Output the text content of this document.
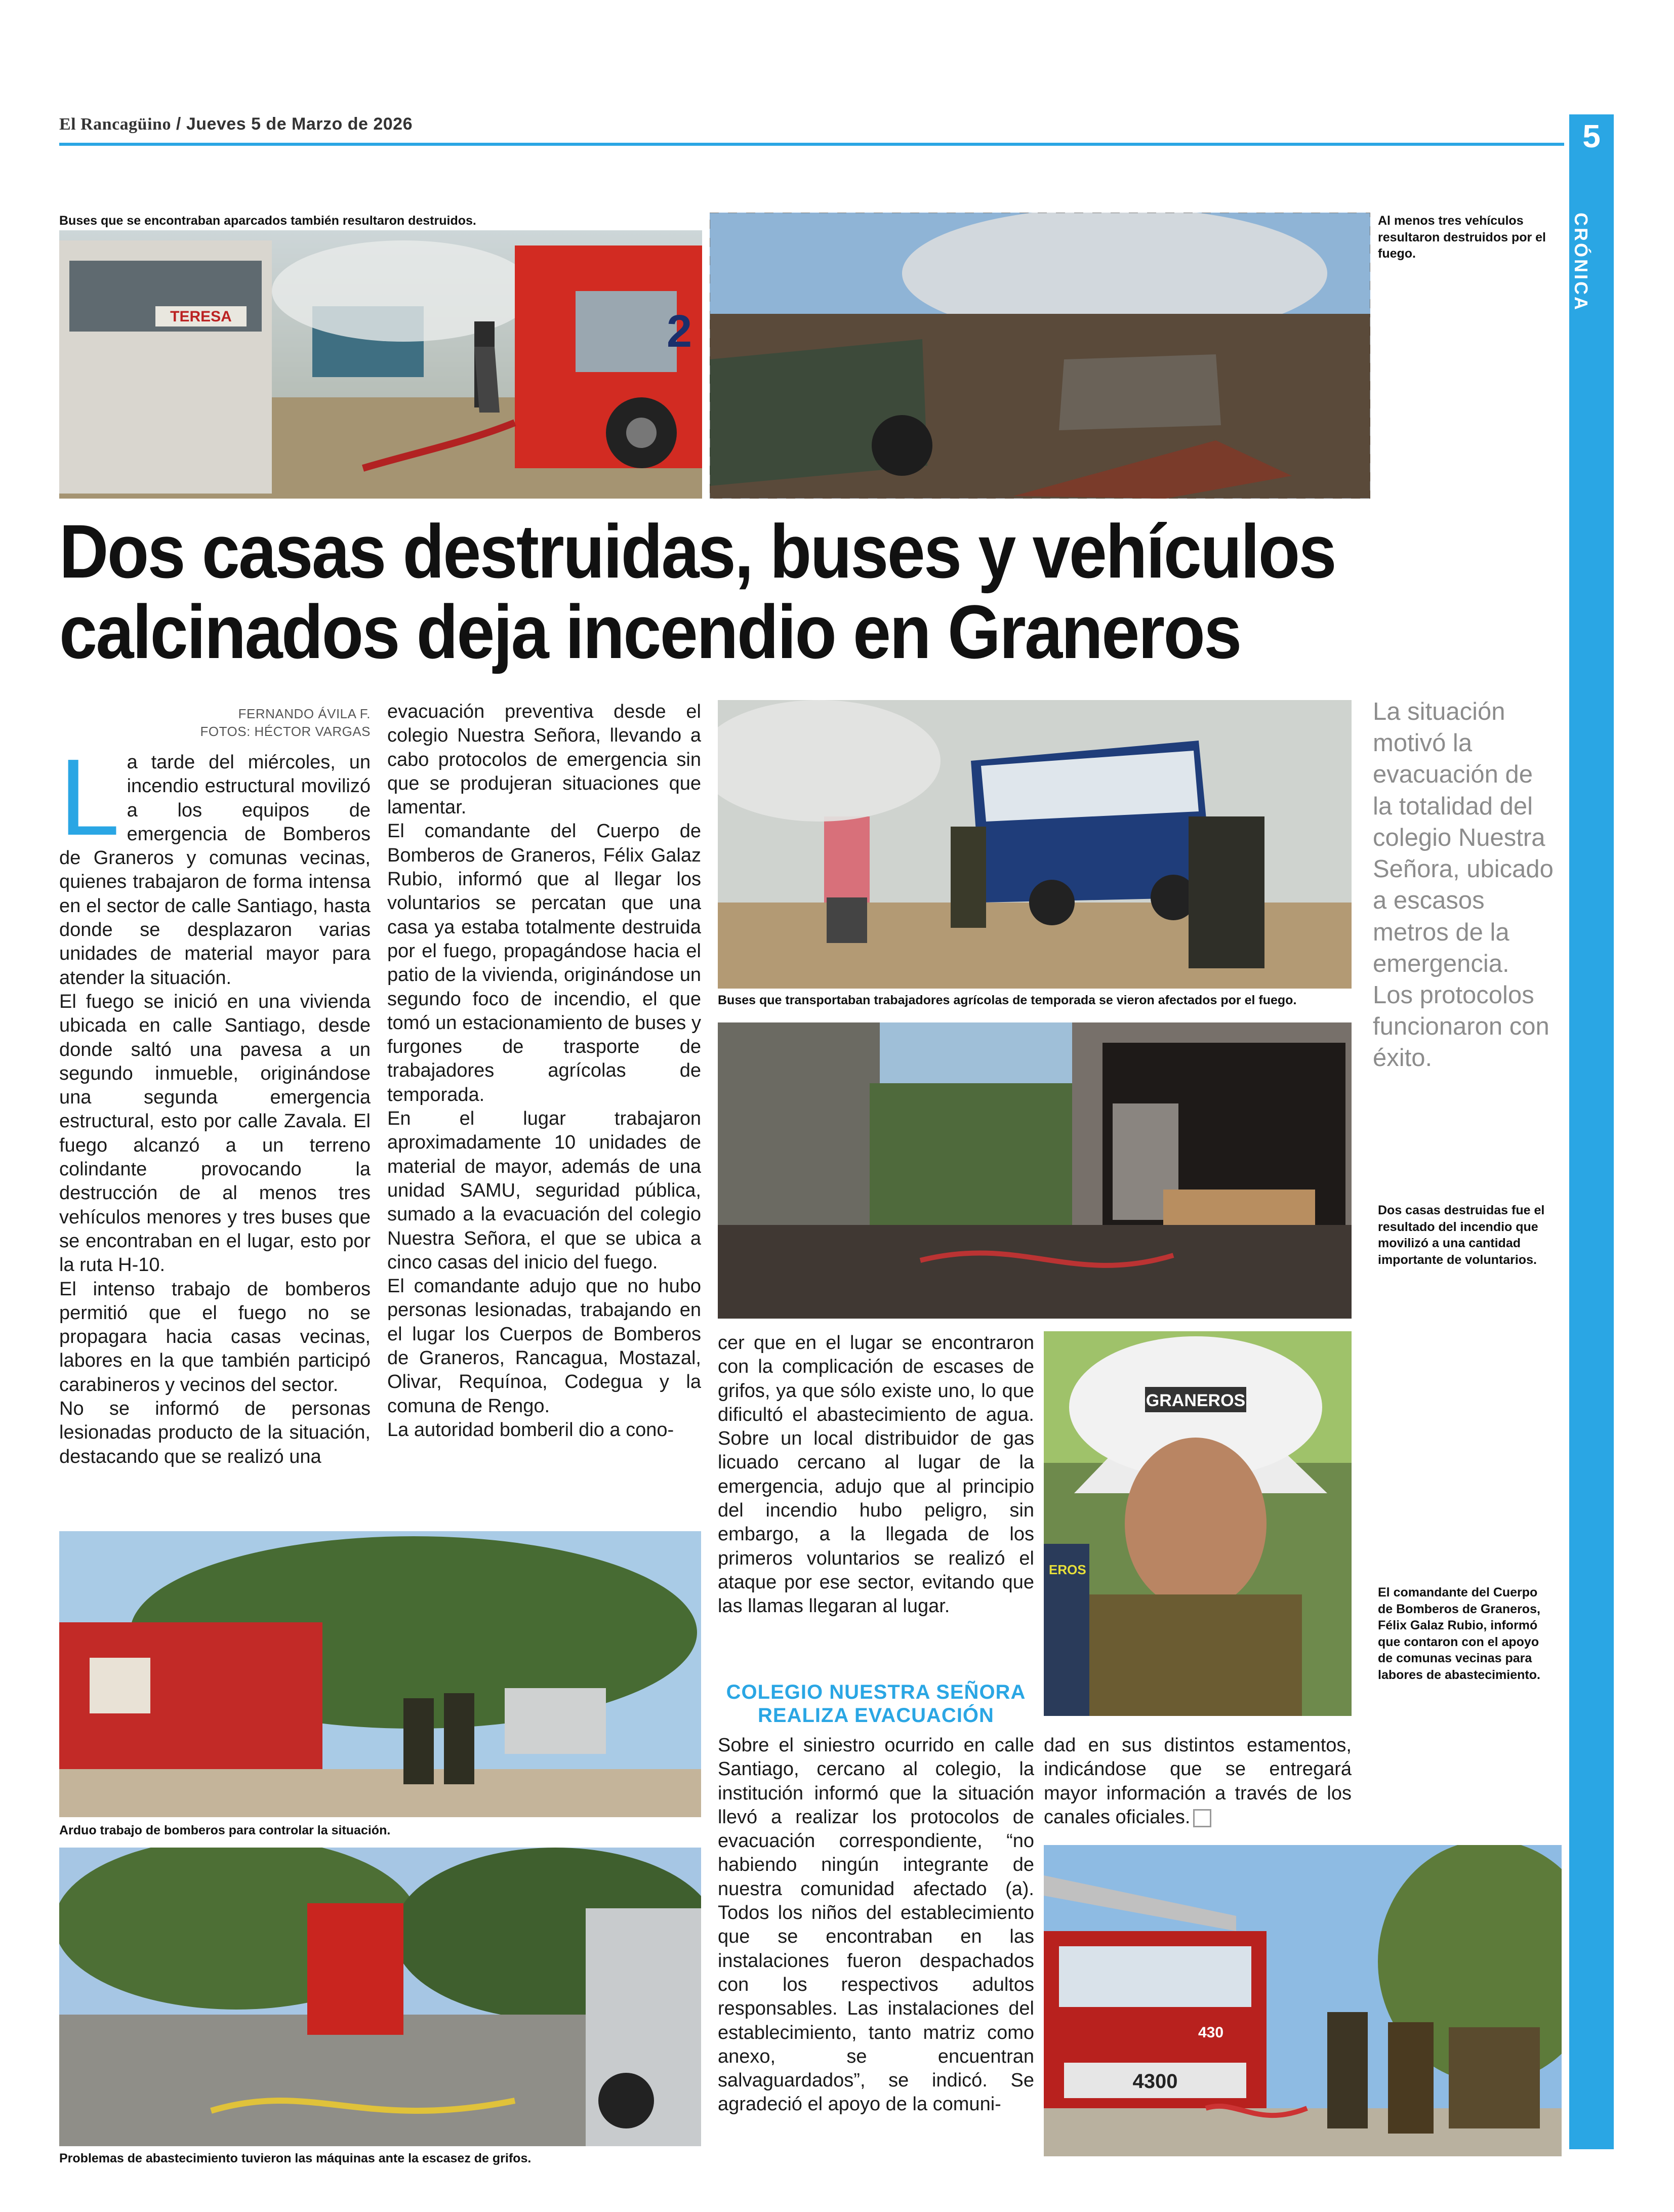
El Rancagüino / Jueves 5 de Marzo de 2026	5
CRÓNICA
Buses que se encontraban aparcados también resultaron destruidos.
TERESA	2
Al menos tres vehículos resultaron destruidos por el fuego.
Dos casas destruidas, buses y vehículos
calcinados deja incendio en Graneros
FERNANDO ÁVILA F.
FOTOS: HÉCTOR VARGAS

La tarde del miércoles, un incendio estructural movilizó a los equipos de emergencia de Bomberos de Graneros y comunas vecinas, quienes trabajaron de forma intensa en el sector de calle Santiago, hasta donde se desplazaron varias unidades de material mayor para atender la situación.

El fuego se inició en una vivienda ubicada en calle Santiago, desde donde saltó una pavesa a un segundo inmueble, originándose una segunda emergencia estructural, esto por calle Zavala. El fuego alcanzó a un terreno colindante provocando la destrucción de al menos tres vehículos menores y tres buses que se encontraban en el lugar, esto por la ruta H-10.

El intenso trabajo de bomberos permitió que el fuego no se propagara hacia casas vecinas, labores en la que también participó carabineros y vecinos del sector.

No se informó de personas lesionadas producto de la situación, destacando que se realizó una

evacuación preventiva desde el colegio Nuestra Señora, llevando a cabo protocolos de emergencia sin que se produjeran situaciones que lamentar.

El comandante del Cuerpo de Bomberos de Graneros, Félix Galaz Rubio, informó que al llegar los voluntarios se percatan que una casa ya estaba totalmente destruida por el fuego, propagándose hacia el patio de la vivienda, originándose un segundo foco de incendio, el que tomó un estacionamiento de buses y furgones de trasporte de trabajadores agrícolas de temporada.

En el lugar trabajaron aproximadamente 10 unidades de material de mayor, además de una unidad SAMU, seguridad pública, sumado a la evacuación del colegio Nuestra Señora, el que se ubica a cinco casas del inicio del fuego.

El comandante adujo que no hubo personas lesionadas, trabajando en el lugar los Cuerpos de Bomberos de Graneros, Rancagua, Mostazal, Olivar, Requínoa, Codegua y la comuna de Rengo.

La autoridad bomberil dio a cono-

Buses que transportaban trabajadores agrícolas de temporada se vieron afectados por el fuego.
La situación motivó la evacuación de la totalidad del colegio Nuestra Señora, ubicado a escasos metros de la emergencia. Los protocolos funcionaron con éxito.
Dos casas destruidas fue el resultado del incendio que movilizó a una cantidad importante de voluntarios.

cer que en el lugar se encontraron con la complicación de escases de grifos, ya que sólo existe uno, lo que dificultó el abastecimiento de agua. Sobre un local distribuidor de gas licuado cercano al lugar de la emergencia, adujo que al principio del incendio hubo peligro, sin embargo, a la llegada de los primeros voluntarios se realizó el ataque por ese sector, evitando que las llamas llegaran al lugar.

COLEGIO NUESTRA SEÑORA
REALIZA EVACUACIÓN

Sobre el siniestro ocurrido en calle Santiago, cercano al colegio, la institución informó que la situación llevó a realizar los protocolos de evacuación correspondiente, “no habiendo ningún integrante de nuestra comunidad afectado (a). Todos los niños del establecimiento que se encontraban en las instalaciones fueron despachados con los respectivos adultos responsables. Las instalaciones del establecimiento, tanto matriz como anexo, se encuentran salvaguardados”, se indicó. Se agradeció el apoyo de la comuni-

GRANEROS
EROS
El comandante del Cuerpo de Bomberos de Graneros, Félix Galaz Rubio, informó que contaron con el apoyo de comunas vecinas para labores de abastecimiento.

dad en sus distintos estamentos, indicándose que se entregará mayor información a través de los canales oficiales.

Arduo trabajo de bomberos para controlar la situación.
Problemas de abastecimiento tuvieron las máquinas ante la escasez de grifos.
4300
430
